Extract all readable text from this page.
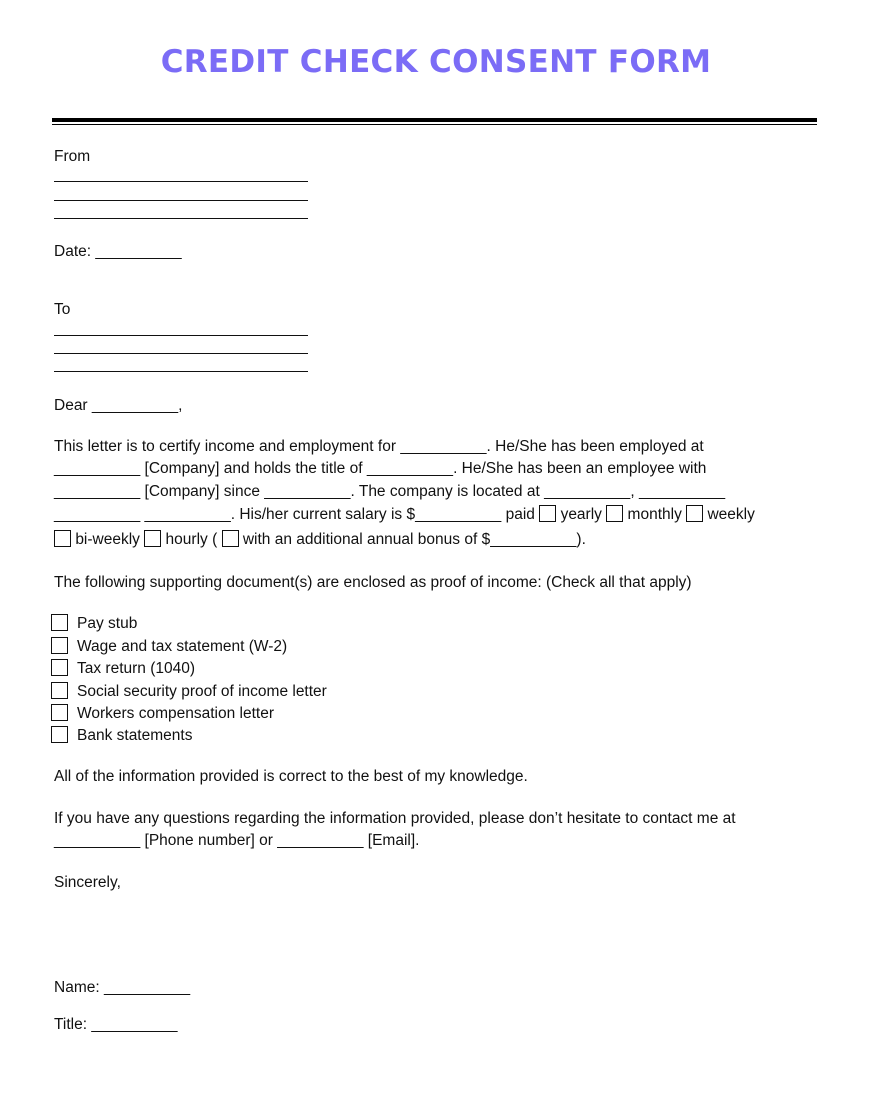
CREDIT CHECK CONSENT FORM
From
Date: __________
To
Dear __________,
This letter is to certify income and employment for __________. He/She has been employed at
__________ [Company] and holds the title of __________. He/She has been an employee with
__________ [Company] since __________. The company is located at __________, __________
__________ __________. His/her current salary is $__________ paid yearly monthly weekly
bi-weekly hourly ( with an additional annual bonus of $__________).
The following supporting document(s) are enclosed as proof of income: (Check all that apply)
Pay stub
Wage and tax statement (W-2)
Tax return (1040)
Social security proof of income letter
Workers compensation letter
Bank statements
All of the information provided is correct to the best of my knowledge.
If you have any questions regarding the information provided, please don’t hesitate to contact me at
__________ [Phone number] or __________ [Email].
Sincerely,
Name: __________
Title: __________
